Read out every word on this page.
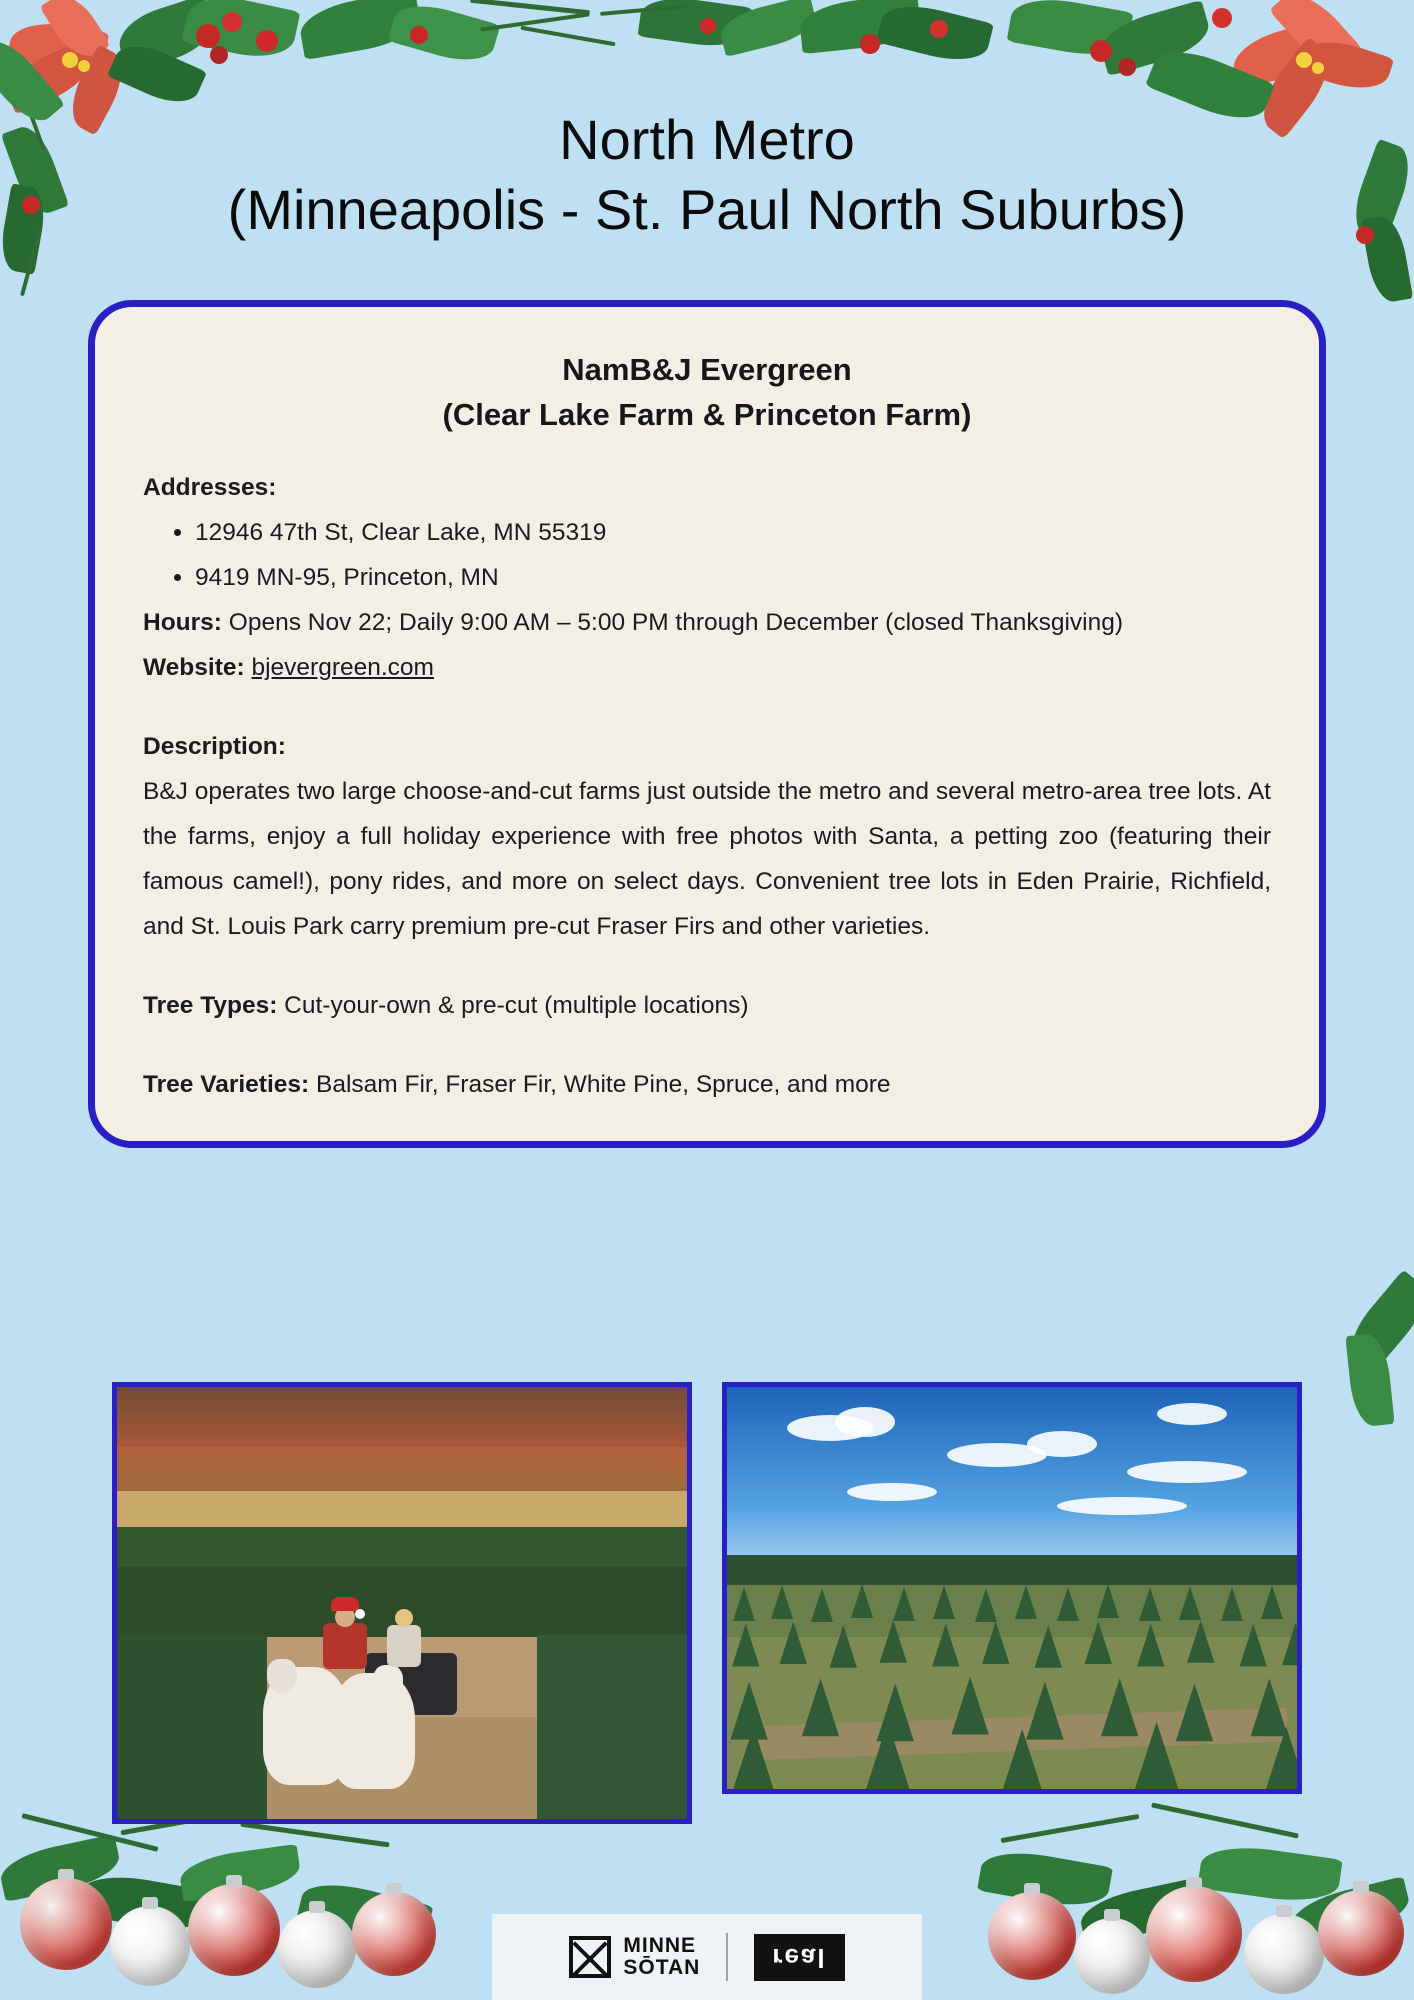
North Metro
(Minneapolis - St. Paul North Suburbs)
NamB&J Evergreen
(Clear Lake Farm & Princeton Farm)
Addresses:
• 12946 47th St, Clear Lake, MN 55319
• 9419 MN-95, Princeton, MN
Hours: Opens Nov 22; Daily 9:00 AM – 5:00 PM through December (closed Thanksgiving)
Website: bjevergreen.com
Description:
B&J operates two large choose-and-cut farms just outside the metro and several metro-area tree lots. At the farms, enjoy a full holiday experience with free photos with Santa, a petting zoo (featuring their famous camel!), pony rides, and more on select days. Convenient tree lots in Eden Prairie, Richfield, and St. Louis Park carry premium pre-cut Fraser Firs and other varieties.
Tree Types: Cut-your-own & pre-cut (multiple locations)
Tree Varieties: Balsam Fir, Fraser Fir, White Pine, Spruce, and more
MINNE
SŌTAN	real
